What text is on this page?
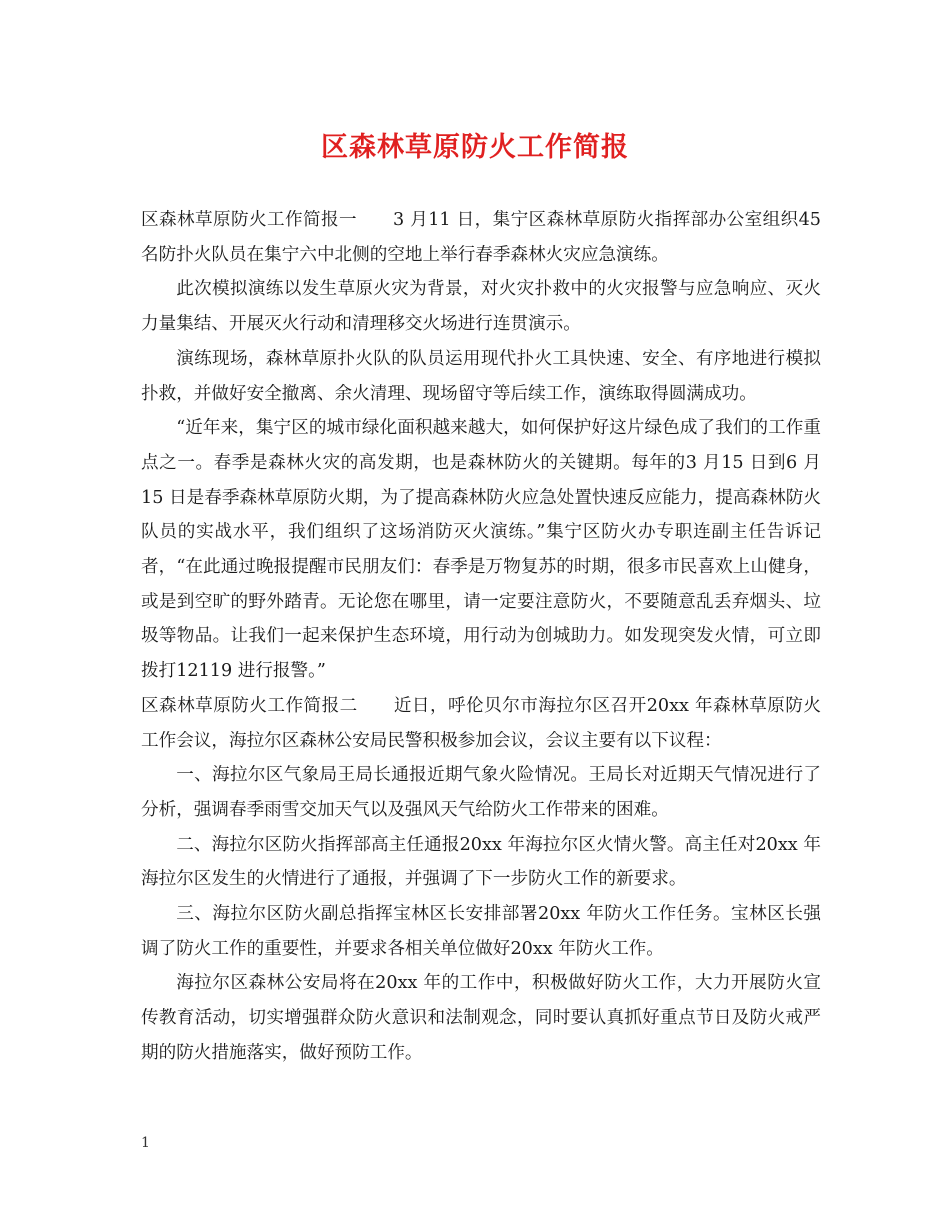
区森林草原防火工作简报

区森林草原防火工作简报一　　3 月11 日，集宁区森林草原防火指挥部办公室组织45 名防扑火队员在集宁六中北侧的空地上举行春季森林火灾应急演练。

此次模拟演练以发生草原火灾为背景，对火灾扑救中的火灾报警与应急响应、灭火力量集结、开展灭火行动和清理移交火场进行连贯演示。

演练现场，森林草原扑火队的队员运用现代扑火工具快速、安全、有序地进行模拟扑救，并做好安全撤离、余火清理、现场留守等后续工作，演练取得圆满成功。

“近年来，集宁区的城市绿化面积越来越大，如何保护好这片绿色成了我们的工作重点之一。春季是森林火灾的高发期，也是森林防火的关键期。每年的3 月15 日到6 月15 日是春季森林草原防火期，为了提高森林防火应急处置快速反应能力，提高森林防火队员的实战水平，我们组织了这场消防灭火演练。”集宁区防火办专职连副主任告诉记者，“在此通过晚报提醒市民朋友们：春季是万物复苏的时期，很多市民喜欢上山健身，或是到空旷的野外踏青。无论您在哪里，请一定要注意防火，不要随意乱丢弃烟头、垃圾等物品。让我们一起来保护生态环境，用行动为创城助力。如发现突发火情，可立即拨打12119 进行报警。”

区森林草原防火工作简报二　　近日，呼伦贝尔市海拉尔区召开20xx 年森林草原防火工作会议，海拉尔区森林公安局民警积极参加会议，会议主要有以下议程：

一、海拉尔区气象局王局长通报近期气象火险情况。王局长对近期天气情况进行了分析，强调春季雨雪交加天气以及强风天气给防火工作带来的困难。

二、海拉尔区防火指挥部高主任通报20xx 年海拉尔区火情火警。高主任对20xx 年海拉尔区发生的火情进行了通报，并强调了下一步防火工作的新要求。

三、海拉尔区防火副总指挥宝林区长安排部署20xx 年防火工作任务。宝林区长强调了防火工作的重要性，并要求各相关单位做好20xx 年防火工作。

海拉尔区森林公安局将在20xx 年的工作中，积极做好防火工作，大力开展防火宣传教育活动，切实增强群众防火意识和法制观念，同时要认真抓好重点节日及防火戒严期的防火措施落实，做好预防工作。

1
